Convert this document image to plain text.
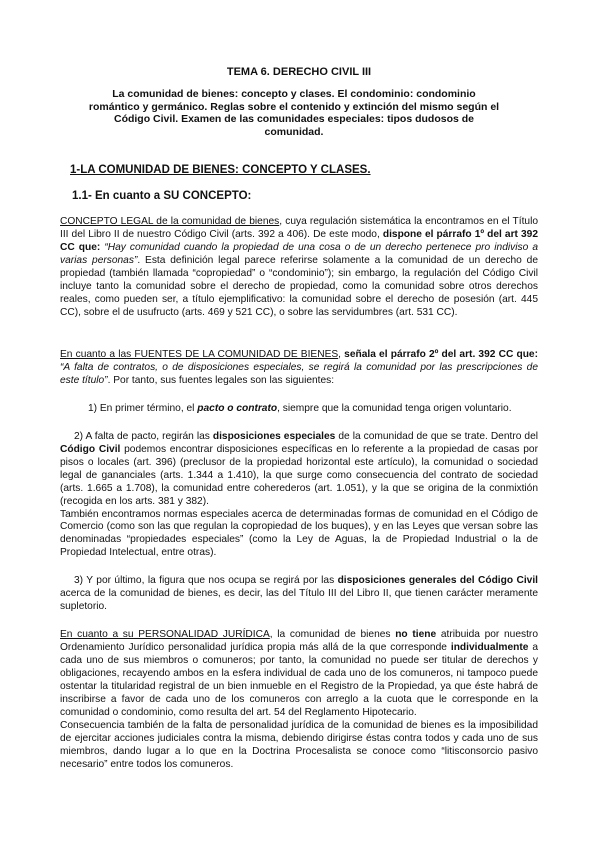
TEMA 6. DERECHO CIVIL III
La comunidad de bienes: concepto y clases. El condominio: condominio romántico y germánico. Reglas sobre el contenido y extinción del mismo según el Código Civil. Examen de las comunidades especiales: tipos dudosos de comunidad.
1-LA COMUNIDAD DE BIENES: CONCEPTO Y CLASES.
1.1- En cuanto a SU CONCEPTO:

CONCEPTO LEGAL de la comunidad de bienes, cuya regulación sistemática la encontramos en el Título III del Libro II de nuestro Código Civil (arts. 392 a 406). De este modo, dispone el párrafo 1º del art 392 CC que: “Hay comunidad cuando la propiedad de una cosa o de un derecho pertenece pro indiviso a varias personas”. Esta definición legal parece referirse solamente a la comunidad de un derecho de propiedad (también llamada “copropiedad” o “condominio”); sin embargo, la regulación del Código Civil incluye tanto la comunidad sobre el derecho de propiedad, como la comunidad sobre otros derechos reales, como pueden ser, a título ejemplificativo: la comunidad sobre el derecho de posesión (art. 445 CC), sobre el de usufructo (arts. 469 y 521 CC), o sobre las servidumbres (art. 531 CC).

En cuanto a las FUENTES DE LA COMUNIDAD DE BIENES, señala el párrafo 2º del art. 392 CC que: “A falta de contratos, o de disposiciones especiales, se regirá la comunidad por las prescripciones de este título”. Por tanto, sus fuentes legales son las siguientes:

1) En primer término, el pacto o contrato, siempre que la comunidad tenga origen voluntario.

2) A falta de pacto, regirán las disposiciones especiales de la comunidad de que se trate. Dentro del Código Civil podemos encontrar disposiciones específicas en lo referente a la propiedad de casas por pisos o locales (art. 396) (preclusor de la propiedad horizontal este artículo), la comunidad o sociedad legal de gananciales (arts. 1.344 a 1.410), la que surge como consecuencia del contrato de sociedad (arts. 1.665 a 1.708), la comunidad entre coherederos (art. 1.051), y la que se origina de la conmixtión (recogida en los arts. 381 y 382).

También encontramos normas especiales acerca de determinadas formas de comunidad en el Código de Comercio (como son las que regulan la copropiedad de los buques), y en las Leyes que versan sobre las denominadas “propiedades especiales” (como la Ley de Aguas, la de Propiedad Industrial o la de Propiedad Intelectual, entre otras).

3) Y por último, la figura que nos ocupa se regirá por las disposiciones generales del Código Civil acerca de la comunidad de bienes, es decir, las del Título III del Libro II, que tienen carácter meramente supletorio.

En cuanto a su PERSONALIDAD JURÍDICA, la comunidad de bienes no tiene atribuida por nuestro Ordenamiento Jurídico personalidad jurídica propia más allá de la que corresponde individualmente a cada uno de sus miembros o comuneros; por tanto, la comunidad no puede ser titular de derechos y obligaciones, recayendo ambos en la esfera individual de cada uno de los comuneros, ni tampoco puede ostentar la titularidad registral de un bien inmueble en el Registro de la Propiedad, ya que éste habrá de inscribirse a favor de cada uno de los comuneros con arreglo a la cuota que le corresponde en la comunidad o condominio, como resulta del art. 54 del Reglamento Hipotecario.

Consecuencia también de la falta de personalidad jurídica de la comunidad de bienes es la imposibilidad de ejercitar acciones judiciales contra la misma, debiendo dirigirse éstas contra todos y cada uno de sus miembros, dando lugar a lo que en la Doctrina Procesalista se conoce como “litisconsorcio pasivo necesario” entre todos los comuneros.
